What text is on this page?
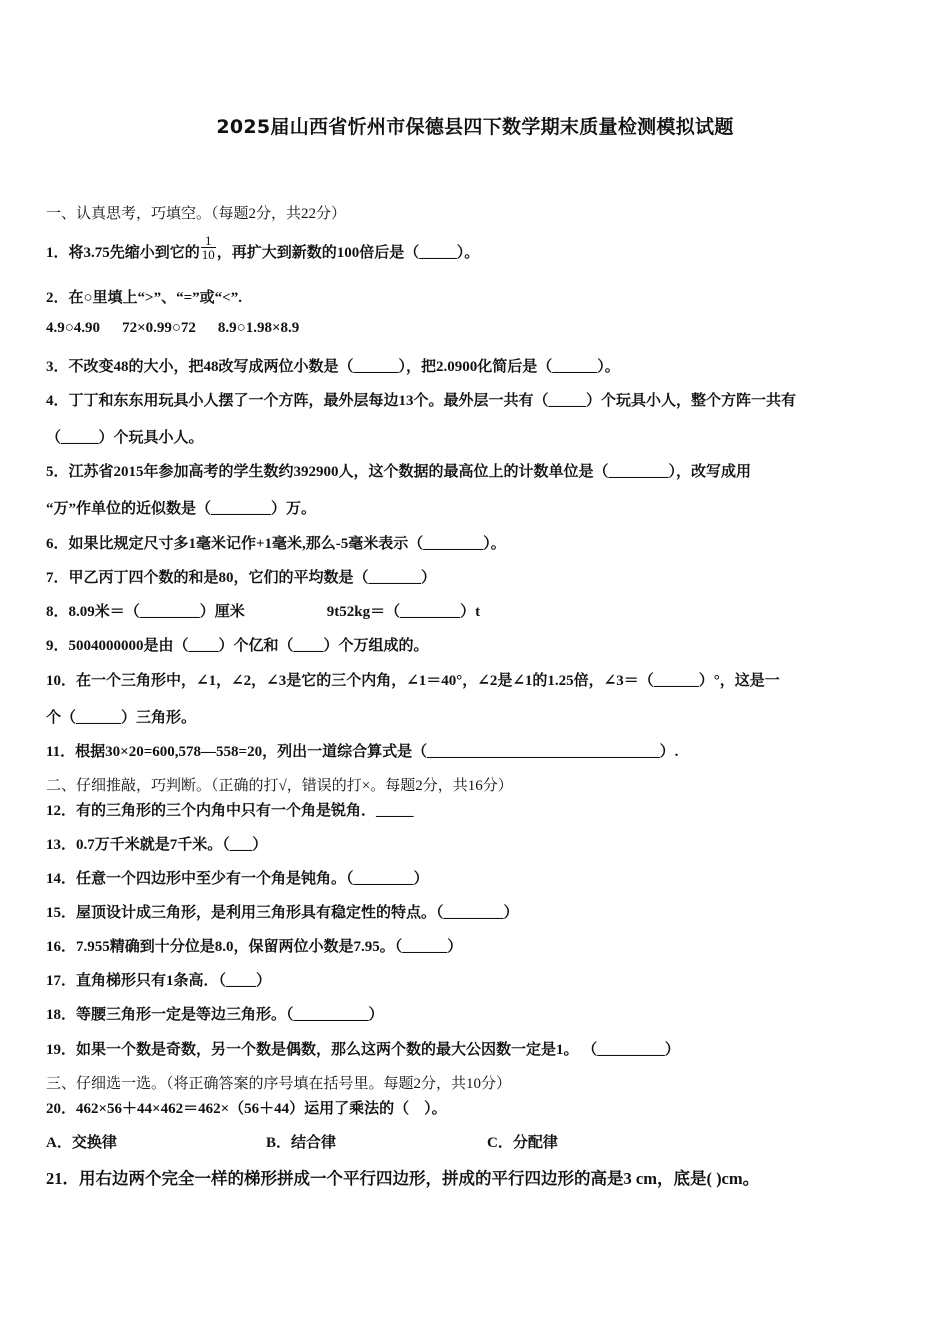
2025届山西省忻州市保德县四下数学期末质量检测模拟试题
一、认真思考，巧填空。（每题2分，共22分）
1．将3.75先缩小到它的 $\frac{1}{10}$ ，再扩大到新数的100倍后是（_____）。
2．在○里填上“>”、“=”或“<”.
4.9○4.90 72×0.99○72 8.9○1.98×8.9
3．不改变48的大小，把48改写成两位小数是（______），把2.0900化简后是（______）。
4．丁丁和东东用玩具小人摆了一个方阵，最外层每边13个。最外层一共有（_____）个玩具小人，整个方阵一共有
（_____）个玩具小人。
5．江苏省2015年参加高考的学生数约392900人，这个数据的最高位上的计数单位是（________），改写成用
“万”作单位的近似数是（________）万。
6．如果比规定尺寸多1毫米记作+1毫米,那么-5毫米表示（________）。
7．甲乙丙丁四个数的和是80，它们的平均数是（_______）
8．8.09米＝（________）厘米	9t52kg＝（________）t
9．5004000000是由（____）个亿和（____）个万组成的。
10．在一个三角形中，∠1，∠2，∠3是它的三个内角，∠1＝40°，∠2是∠1的1.25倍，∠3＝（______）°，这是一
个（______）三角形。
11．根据30×20=600,578—558=20，列出一道综合算式是（_______________________________）.
二、仔细推敲，巧判断。（正确的打√，错误的打×。每题2分，共16分）
12．有的三角形的三个内角中只有一个角是锐角．_____
13．0.7万千米就是7千米。（___）
14．任意一个四边形中至少有一个角是钝角。（________）
15．屋顶设计成三角形，是利用三角形具有稳定性的特点。（________）
16．7.955精确到十分位是8.0，保留两位小数是7.95。（______）
17．直角梯形只有1条高．（____）
18．等腰三角形一定是等边三角形。（__________）
19．如果一个数是奇数，另一个数是偶数，那么这两个数的最大公因数一定是1。 （_________）
三、仔细选一选。（将正确答案的序号填在括号里。每题2分，共10分）
20．462×56＋44×462＝462×（56＋44）运用了乘法的（　）。
A．交换律	B．结合律	C．分配律
21．用右边两个完全一样的梯形拼成一个平行四边形，拼成的平行四边形的高是3 cm，底是( )cm。
